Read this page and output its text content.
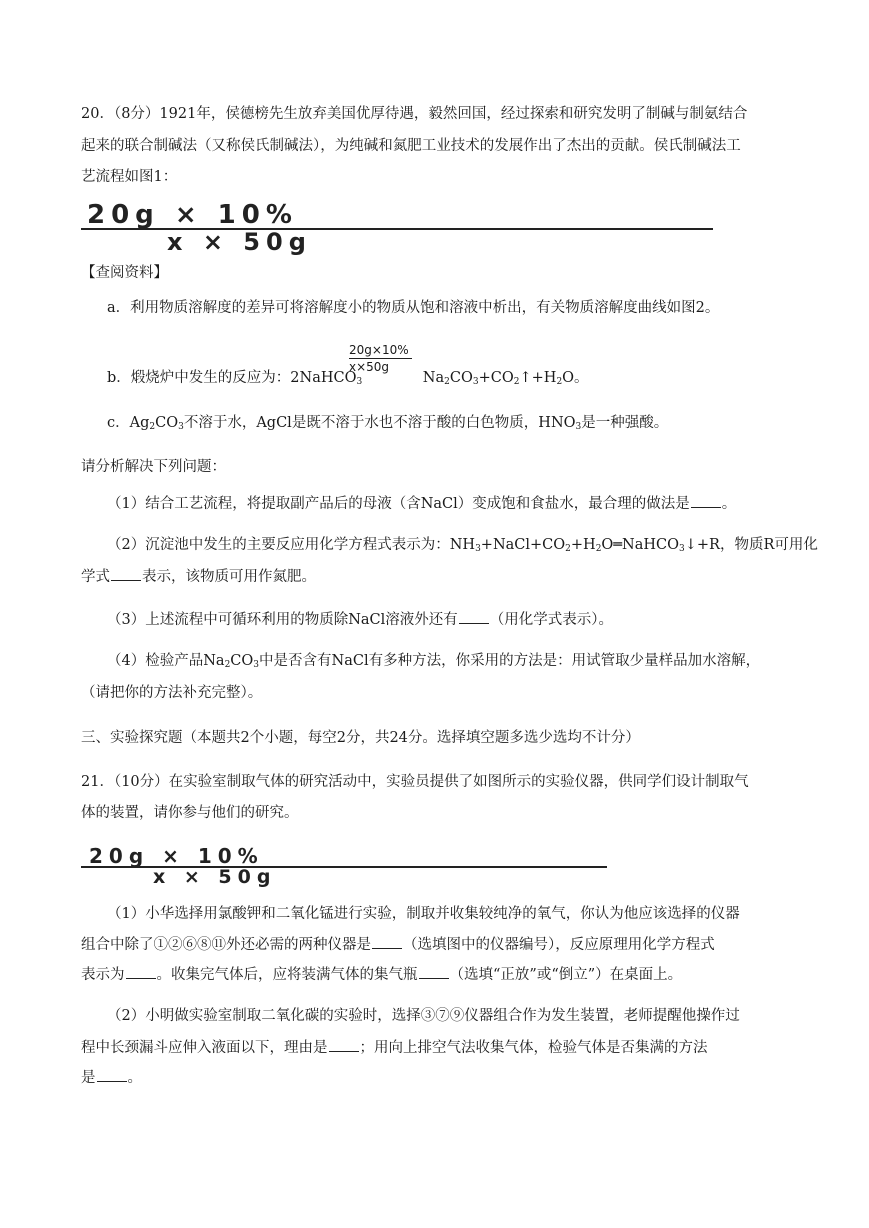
20．（8分）1921年，侯德榜先生放弃美国优厚待遇，毅然回国，经过探索和研究发明了制碱与制氨结合
起来的联合制碱法（又称侯氏制碱法），为纯碱和氮肥工业技术的发展作出了杰出的贡献。侯氏制碱法工
艺流程如图1：
20g × 10%
x × 50g
【查阅资料】
a．利用物质溶解度的差异可将溶解度小的物质从饱和溶液中析出，有关物质溶解度曲线如图2。
b．煅烧炉中发生的反应为：2NaHCO$_3$	$Na_2CO_3+CO_2↑+H_2O$。
$\frac{20g\times 10\%}{x\times 50g}$
c．$Ag_2CO_3$不溶于水，AgCl是既不溶于水也不溶于酸的白色物质，$HNO_3$是一种强酸。
请分析解决下列问题：
（1）结合工艺流程，将提取副产品后的母液（含NaCl）变成饱和食盐水，最合理的做法是 。
（2）沉淀池中发生的主要反应用化学方程式表示为：$NH_3+NaCl+CO_2+H_2O═NaHCO_3↓+R$，物质R可用化
学式 表示，该物质可用作氮肥。
（3）上述流程中可循环利用的物质除NaCl溶液外还有 （用化学式表示）。
（4）检验产品$Na_2CO_3$中是否含有NaCl有多种方法，你采用的方法是：用试管取少量样品加水溶解，
（请把你的方法补充完整）。
三、实验探究题（本题共2个小题，每空2分，共24分。选择填空题多选少选均不计分）
21．（10分）在实验室制取气体的研究活动中，实验员提供了如图所示的实验仪器，供同学们设计制取气
体的装置，请你参与他们的研究。
20g × 10%
x × 50g
（1）小华选择用氯酸钾和二氧化锰进行实验，制取并收集较纯净的氧气，你认为他应该选择的仪器
组合中除了①②⑥⑧⑪外还必需的两种仪器是 （选填图中的仪器编号），反应原理用化学方程式
表示为 。收集完气体后，应将装满气体的集气瓶 （选填“正放”或“倒立”）在桌面上。
（2）小明做实验室制取二氧化碳的实验时，选择③⑦⑨仪器组合作为发生装置，老师提醒他操作过
程中长颈漏斗应伸入液面以下，理由是 ；用向上排空气法收集气体，检验气体是否集满的方法
是 。
